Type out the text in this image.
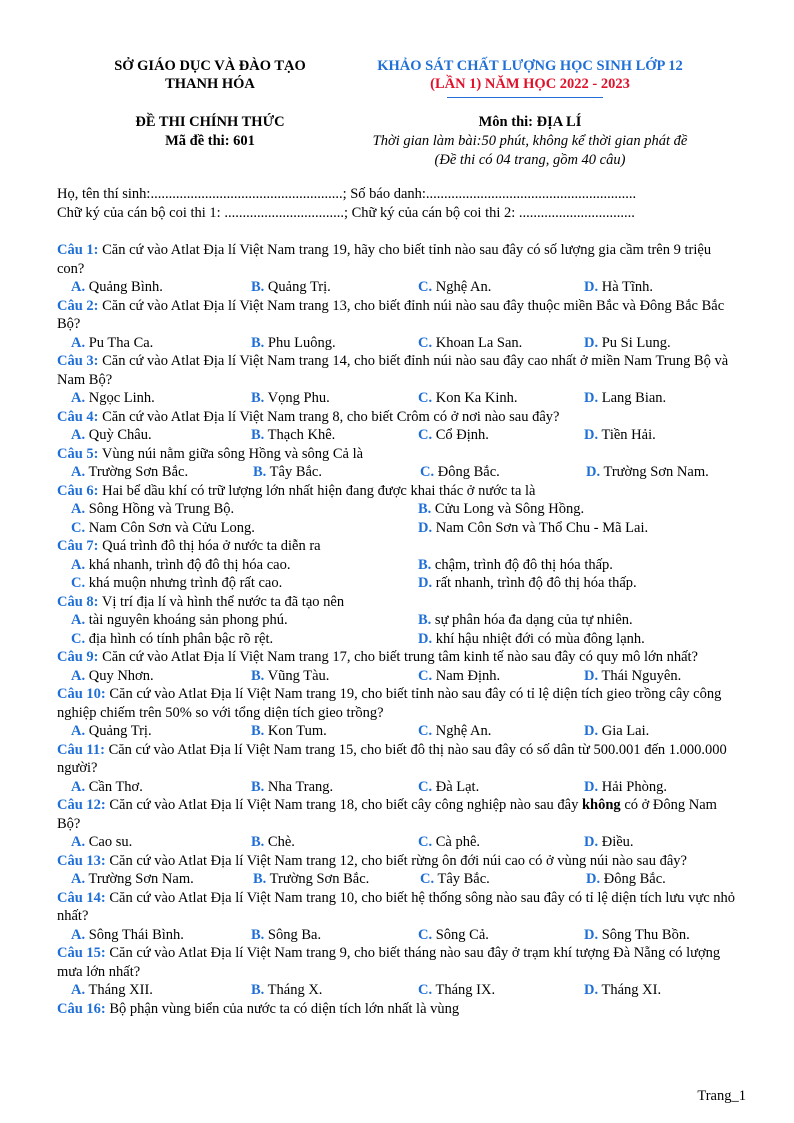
SỞ GIÁO DỤC VÀ ĐÀO TẠO
THANH HÓA
KHẢO SÁT CHẤT LƯỢNG HỌC SINH LỚP 12
(LẦN 1) NĂM HỌC 2022 - 2023
ĐỀ THI CHÍNH THỨC
Mã đề thi: 601
Môn thi: ĐỊA LÍ
Thời gian làm bài:50 phút, không kể thời gian phát đề
(Đề thi có 04 trang, gồm 40 câu)
Họ, tên thí sinh:.....................................................; Số báo danh:..........................................................
Chữ ký của cán bộ coi thi 1: .................................; Chữ ký của cán bộ coi thi 2: ................................

Câu 1: Căn cứ vào Atlat Địa lí Việt Nam trang 19, hãy cho biết tỉnh nào sau đây có số lượng gia cầm trên 9 triệu con?

A. Quảng Bình.	B. Quảng Trị.	C. Nghệ An.	D. Hà Tĩnh.

Câu 2: Căn cứ vào Atlat Địa lí Việt Nam trang 13, cho biết đỉnh núi nào sau đây thuộc miền Bắc và Đông Bắc Bắc Bộ?

A. Pu Tha Ca.	B. Phu Luông.	C. Khoan La San.	D. Pu Si Lung.

Câu 3: Căn cứ vào Atlat Địa lí Việt Nam trang 14, cho biết đỉnh núi nào sau đây cao nhất ở miền Nam Trung Bộ và Nam Bộ?

A. Ngọc Linh.	B. Vọng Phu.	C. Kon Ka Kinh.	D. Lang Bian.

Câu 4: Căn cứ vào Atlat Địa lí Việt Nam trang 8, cho biết Crôm có ở nơi nào sau đây?

A. Quỳ Châu.	B. Thạch Khê.	C. Cổ Định.	D. Tiền Hải.

Câu 5: Vùng núi nằm giữa sông Hồng và sông Cả là

A. Trường Sơn Bắc.	B. Tây Bắc.	C. Đông Bắc.	D. Trường Sơn Nam.

Câu 6: Hai bể dầu khí có trữ lượng lớn nhất hiện đang được khai thác ở nước ta là

A. Sông Hồng và Trung Bộ.	B. Cửu Long và Sông Hồng.
C. Nam Côn Sơn và Cửu Long.	D. Nam Côn Sơn và Thổ Chu - Mã Lai.

Câu 7: Quá trình đô thị hóa ở nước ta diễn ra

A. khá nhanh, trình độ đô thị hóa cao.	B. chậm, trình độ đô thị hóa thấp.
C. khá muộn nhưng trình độ rất cao.	D. rất nhanh, trình độ đô thị hóa thấp.

Câu 8: Vị trí địa lí và hình thể nước ta đã tạo nên

A. tài nguyên khoáng sản phong phú.	B. sự phân hóa đa dạng của tự nhiên.
C. địa hình có tính phân bậc rõ rệt.	D. khí hậu nhiệt đới có mùa đông lạnh.

Câu 9: Căn cứ vào Atlat Địa lí Việt Nam trang 17, cho biết trung tâm kinh tế nào sau đây có quy mô lớn nhất?

A. Quy Nhơn.	B. Vũng Tàu.	C. Nam Định.	D. Thái Nguyên.

Câu 10: Căn cứ vào Atlat Địa lí Việt Nam trang 19, cho biết tỉnh nào sau đây có tỉ lệ diện tích gieo trồng cây công nghiệp chiếm trên 50% so với tổng diện tích gieo trồng?

A. Quảng Trị.	B. Kon Tum.	C. Nghệ An.	D. Gia Lai.

Câu 11: Căn cứ vào Atlat Địa lí Việt Nam trang 15, cho biết đô thị nào sau đây có số dân từ 500.001 đến 1.000.000 người?

A. Cần Thơ.	B. Nha Trang.	C. Đà Lạt.	D. Hải Phòng.

Câu 12: Căn cứ vào Atlat Địa lí Việt Nam trang 18, cho biết cây công nghiệp nào sau đây không có ở Đông Nam Bộ?

A. Cao su.	B. Chè.	C. Cà phê.	D. Điều.

Câu 13: Căn cứ vào Atlat Địa lí Việt Nam trang 12, cho biết rừng ôn đới núi cao có ở vùng núi nào sau đây?

A. Trường Sơn Nam.	B. Trường Sơn Bắc.	C. Tây Bắc.	D. Đông Bắc.

Câu 14: Căn cứ vào Atlat Địa lí Việt Nam trang 10, cho biết hệ thống sông nào sau đây có tỉ lệ diện tích lưu vực nhỏ nhất?

A. Sông Thái Bình.	B. Sông Ba.	C. Sông Cả.	D. Sông Thu Bồn.

Câu 15: Căn cứ vào Atlat Địa lí Việt Nam trang 9, cho biết tháng nào sau đây ở trạm khí tượng Đà Nẵng có lượng mưa lớn nhất?

A. Tháng XII.	B. Tháng X.	C. Tháng IX.	D. Tháng XI.

Câu 16: Bộ phận vùng biển của nước ta có diện tích lớn nhất là vùng

Trang_1
